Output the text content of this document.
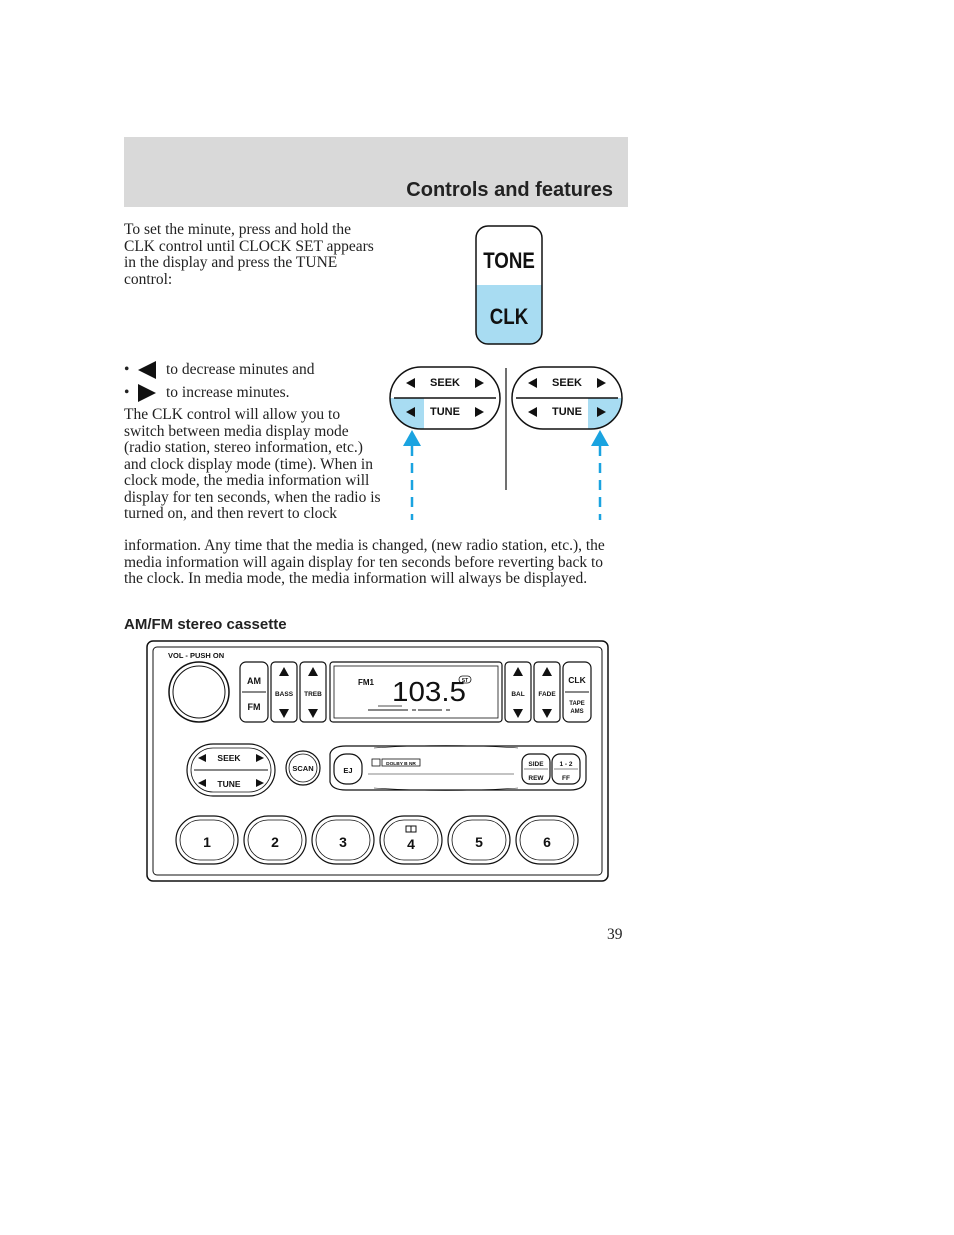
Controls and features
To set the minute, press and hold the CLK control until CLOCK SET appears in the display and press the TUNE control:
TONE
CLK
•	to decrease minutes and
•	to increase minutes.
SEEK
TUNE
SEEK
TUNE
The CLK control will allow you to switch between media display mode (radio station, stereo information, etc.) and clock display mode (time). When in clock mode, the media information will display for ten seconds, when the radio is turned on, and then revert to clock
information. Any time that the media is changed, (new radio station, etc.), the media information will again display for ten seconds before reverting back to the clock. In media mode, the media information will always be displayed.
AM/FM stereo cassette
VOL - PUSH ON
AM
FM
BASS TREB
FM1 103.5
ST
BAL FADE
CLK
TAPE
AMS
SEEK
TUNE
SCAN	DOLBY B NR
EJ
SIDE
REW
1 - 2
FF
1	2	3	4	5	6
39
